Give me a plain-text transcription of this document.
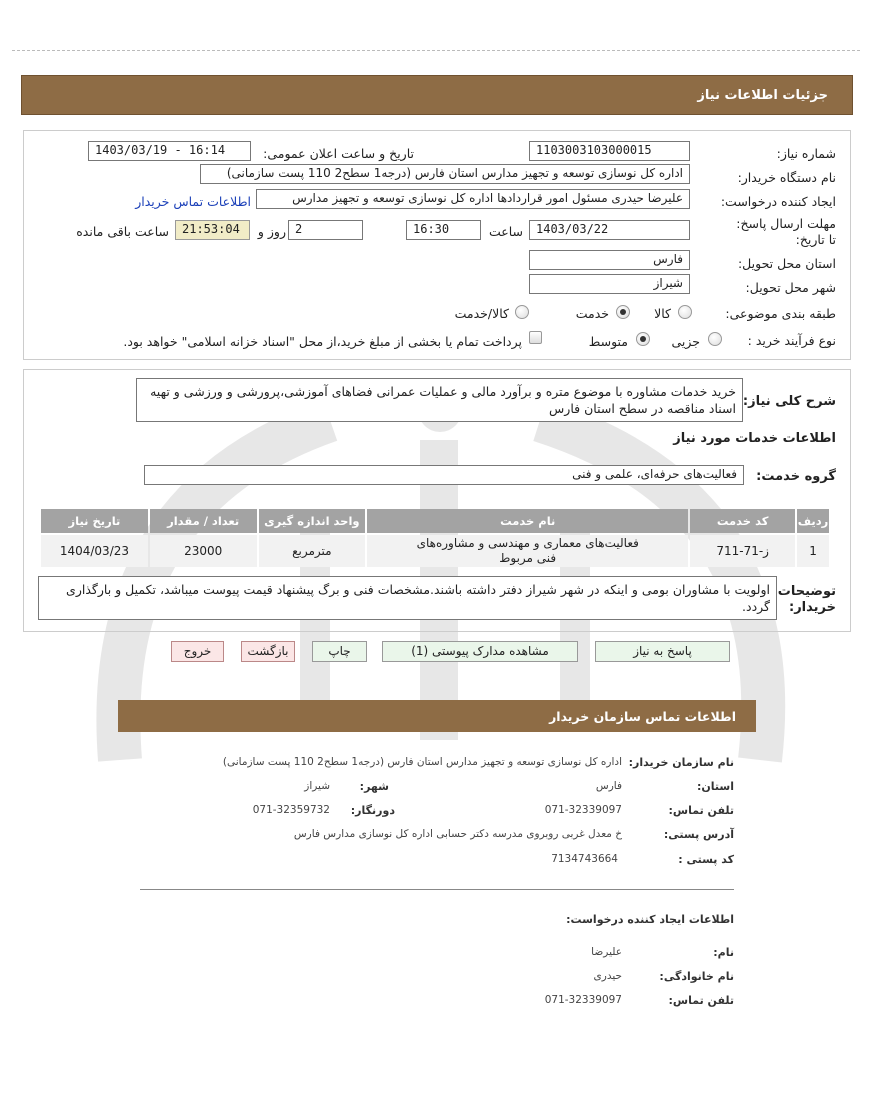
جزئیات اطلاعات نیاز
شماره نیاز:
1103003103000015
تاریخ و ساعت اعلان عمومی:
1403/03/19 - 16:14
نام دستگاه خریدار:
اداره کل نوسازی توسعه و تجهیز مدارس استان فارس (درجه1 سطح2 110 پست سازمانی)
ایجاد کننده درخواست:
علیرضا حیدری مسئول امور قراردادها اداره کل نوسازی توسعه و تجهیز مدارس
اطلاعات تماس خریدار
مهلت ارسال پاسخ: تا تاریخ:
1403/03/22
ساعت
16:30
2
روز و
21:53:04
ساعت باقی مانده
استان محل تحویل:
فارس
شهر محل تحویل:
شیراز
طبقه بندی موضوعی:
کالا
خدمت
کالا/خدمت
نوع فرآیند خرید :
جزیی
متوسط
پرداخت تمام یا بخشی از مبلغ خرید،از محل "اسناد خزانه اسلامی" خواهد بود.
شرح کلی نیاز:
خرید خدمات مشاوره با موضوع متره و برآورد مالی و عملیات عمرانی فضاهای آموزشی،پرورشی و ورزشی و تهیه اسناد مناقصه در سطح استان فارس
اطلاعات خدمات مورد نیاز
گروه خدمت:
فعالیت‌های حرفه‌ای، علمی و فنی
ردیف	کد خدمت	نام خدمت	واحد اندازه گیری	تعداد / مقدار	تاریخ نیاز
1	ز-71-711	فعالیت‌های معماری و مهندسی و مشاوره‌های فنی مربوط	مترمربع	23000	1404/03/23
توضیحات خریدار:
اولویت با مشاوران بومی و اینکه در شهر شیراز دفتر داشته باشند.مشخصات فنی و برگ پیشنهاد قیمت پیوست میباشد، تکمیل و بارگذاری گردد.
پاسخ به نیاز
مشاهده مدارک پیوستی (1)
چاپ
بازگشت
خروج
اطلاعات تماس سازمان خریدار
نام سازمان خریدار:
اداره کل نوسازی توسعه و تجهیز مدارس استان فارس (درجه1 سطح2 110 پست سازمانی)
استان:
فارس
شهر:
شیراز
تلفن تماس:
071-32339097
دورنگار:
071-32359732
آدرس پستی:
خ معدل غربی روبروی مدرسه دکتر حسابی اداره کل نوسازی مدارس فارس
کد پستی :
7134743664
اطلاعات ایجاد کننده درخواست:
نام:
علیرضا
نام خانوادگی:
حیدری
تلفن تماس:
071-32339097
